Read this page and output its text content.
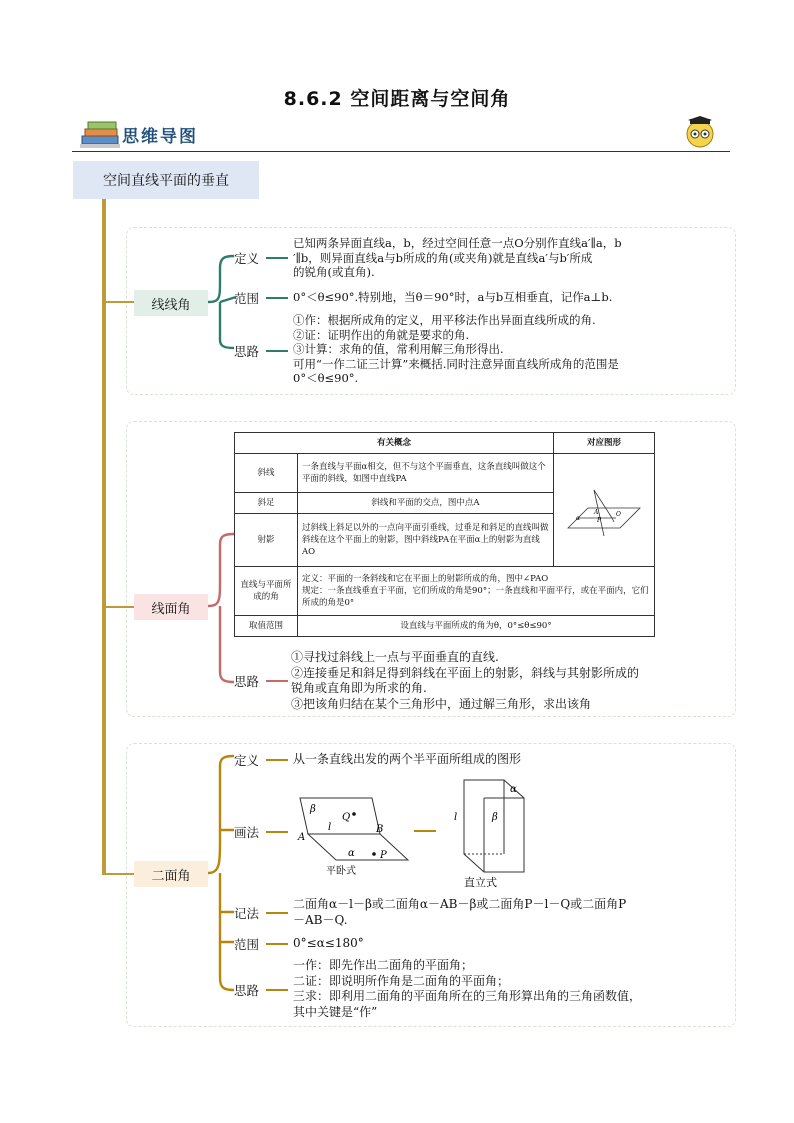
8.6.2 空间距离与空间角
思维导图
空间直线平面的垂直
线线角
定义
已知两条异面直线a，b，经过空间任意一点O分别作直线a′∥a，b
′∥b，则异面直线a与b所成的角(或夹角)就是直线a′与b′所成
的锐角(或直角).
范围	0°＜θ≤90°.特别地，当θ＝90°时，a与b互相垂直，记作a⊥b.
思路
①作：根据所成角的定义，用平移法作出异面直线所成的角.
②证：证明作出的角就是要求的角.
③计算：求角的值，常利用解三角形得出.
可用“一作二证三计算”来概括.同时注意异面直线所成角的范围是
0°＜θ≤90°.
线面角
有关概念		对应图形
斜线	一条直线与平面α相交，但不与这个平面垂直，这条直线叫做这个平面的斜线，如图中直线PA	α
A O
P

斜足	斜线和平面的交点，图中点A	
射影	过斜线上斜足以外的一点向平面引垂线，过垂足和斜足的直线叫做斜线在这个平面上的射影，图中斜线PA在平面α上的射影为直线AO	
直线与平面所成的角	定义：平面的一条斜线和它在平面上的射影所成的角，图中∠PAO
规定：一条直线垂直于平面，它们所成的角是90°；一条直线和平面平行，或在平面内，它们所成的角是0°	

取值范围	设直线与平面所成的角为θ，0°≤θ≤90°	
思路
①寻找过斜线上一点与平面垂直的直线.
②连接垂足和斜足得到斜线在平面上的射影，斜线与其射影所成的
锐角或直角即为所求的角.
③把该角归结在某个三角形中，通过解三角形，求出该角
二面角
定义	从一条直线出发的两个半平面所组成的图形
画法
β
Q
l
A
B
α	P
平卧式
α
β
l
直立式
记法
二面角α－l－β或二面角α－AB－β或二面角P－l－Q或二面角P
－AB－Q.
范围	0°≤α≤180°
思路
一作：即先作出二面角的平面角；
二证：即说明所作角是二面角的平面角；
三求：即利用二面角的平面角所在的三角形算出角的三角函数值，
其中关键是“作”
